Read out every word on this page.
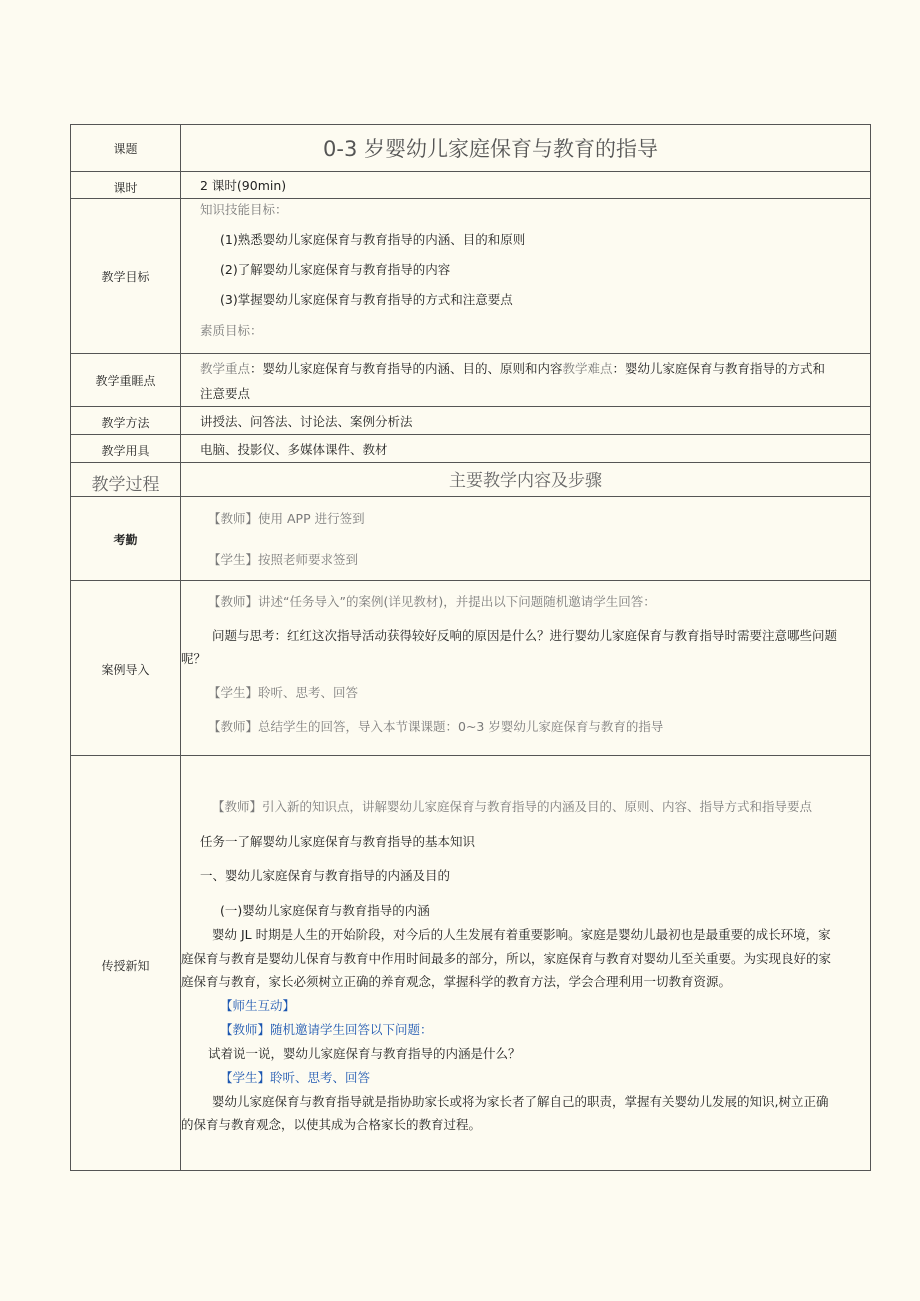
课题
课时
教学目标
教学重睚点
教学方法
教学用具
教学过程
考勤
案例导入
传授新知
0-3 岁婴幼儿家庭保育与教育的指导
2 课时(90min)
知识技能目标：
(1)熟悉婴幼儿家庭保育与教育指导的内涵、目的和原则
(2)了解婴幼儿家庭保育与教育指导的内容
(3)掌握婴幼儿家庭保育与教育指导的方式和注意要点
素质目标：
教学重点：婴幼儿家庭保育与教育指导的内涵、目的、原则和内容教学难点：婴幼儿家庭保育与教育指导的方式和
注意要点
讲授法、问答法、讨论法、案例分析法
电脑、投影仪、多媒体课件、教材
主要教学内容及步骤
【教师】使用 APP 进行签到
【学生】按照老师要求签到
【教师】讲述“任务导入”的案例(详见教材)，并提出以下问题随机邀请学生回答：
问题与思考：红红这次指导活动获得较好反响的原因是什么？进行婴幼儿家庭保育与教育指导时需要注意哪些问题
呢？
【学生】聆听、思考、回答
【教师】总结学生的回答，导入本节课课题：0~3 岁婴幼儿家庭保育与教育的指导
【教师】引入新的知识点，讲解婴幼儿家庭保育与教育指导的内涵及目的、原则、内容、指导方式和指导要点
任务一了解婴幼儿家庭保育与教育指导的基本知识
一、婴幼儿家庭保育与教育指导的内涵及目的
(一)婴幼儿家庭保育与教育指导的内涵
婴幼 JL 时期是人生的开始阶段，对今后的人生发展有着重要影响。家庭是婴幼儿最初也是最重要的成长环境，家
庭保育与教育是婴幼儿保育与教育中作用时间最多的部分，所以，家庭保育与教育对婴幼儿至关重要。为实现良好的家
庭保育与教育，家长必须树立正确的养育观念，掌握科学的教育方法，学会合理利用一切教育资源。
【师生互动】
【教师】随机邀请学生回答以下问题：
试着说一说，婴幼儿家庭保育与教育指导的内涵是什么？
【学生】聆听、思考、回答
婴幼儿家庭保育与教育指导就是指协助家长或将为家长者了解自己的职责，掌握有关婴幼儿发展的知识,树立正确
的保育与教育观念，以使其成为合格家长的教育过程。
